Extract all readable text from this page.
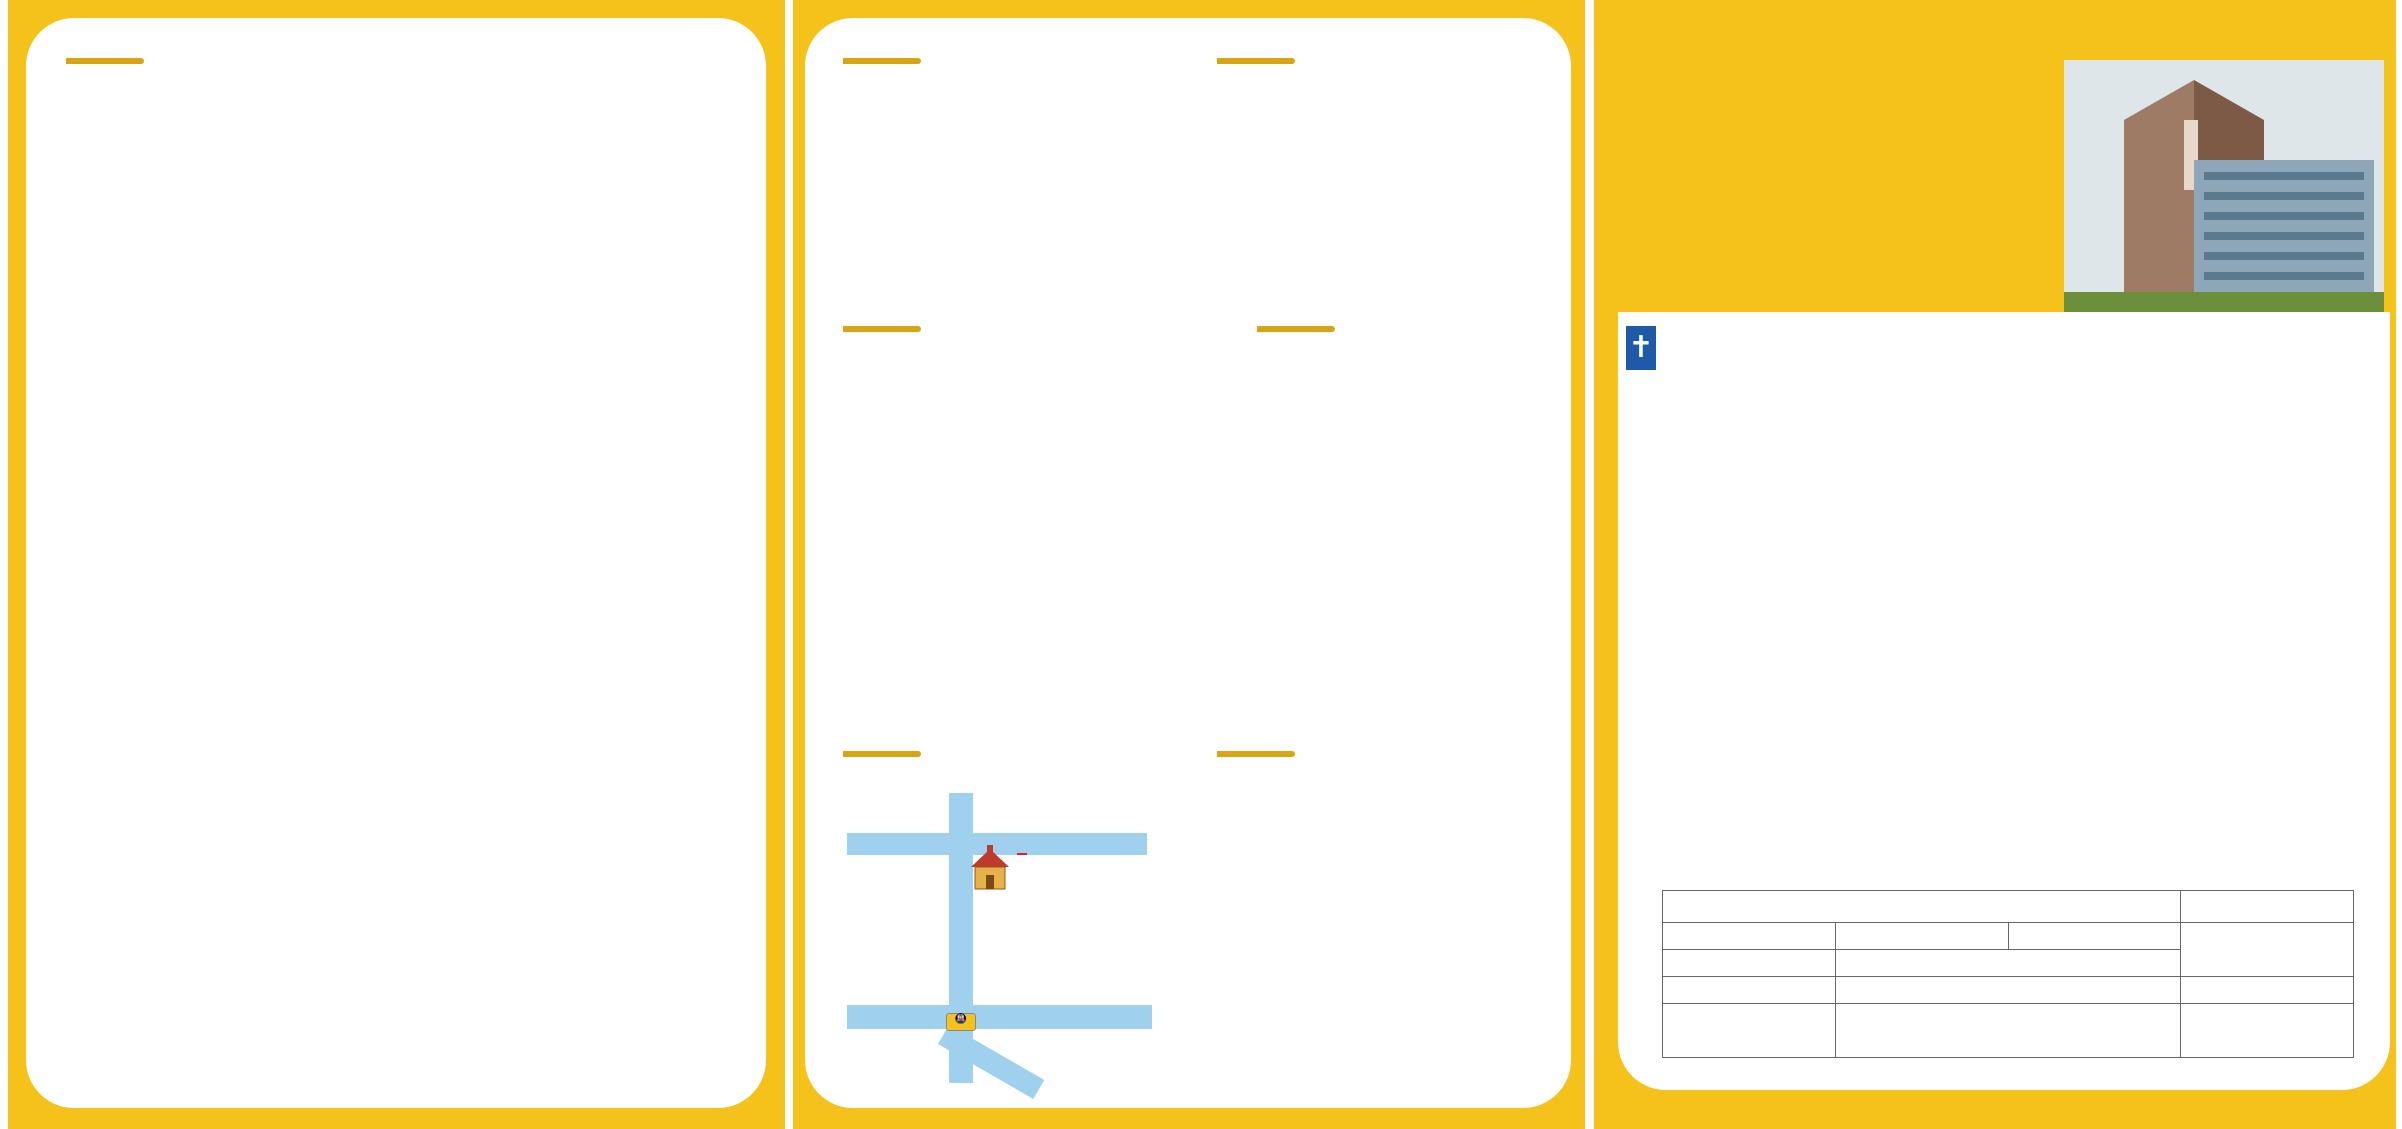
🚇
✝
